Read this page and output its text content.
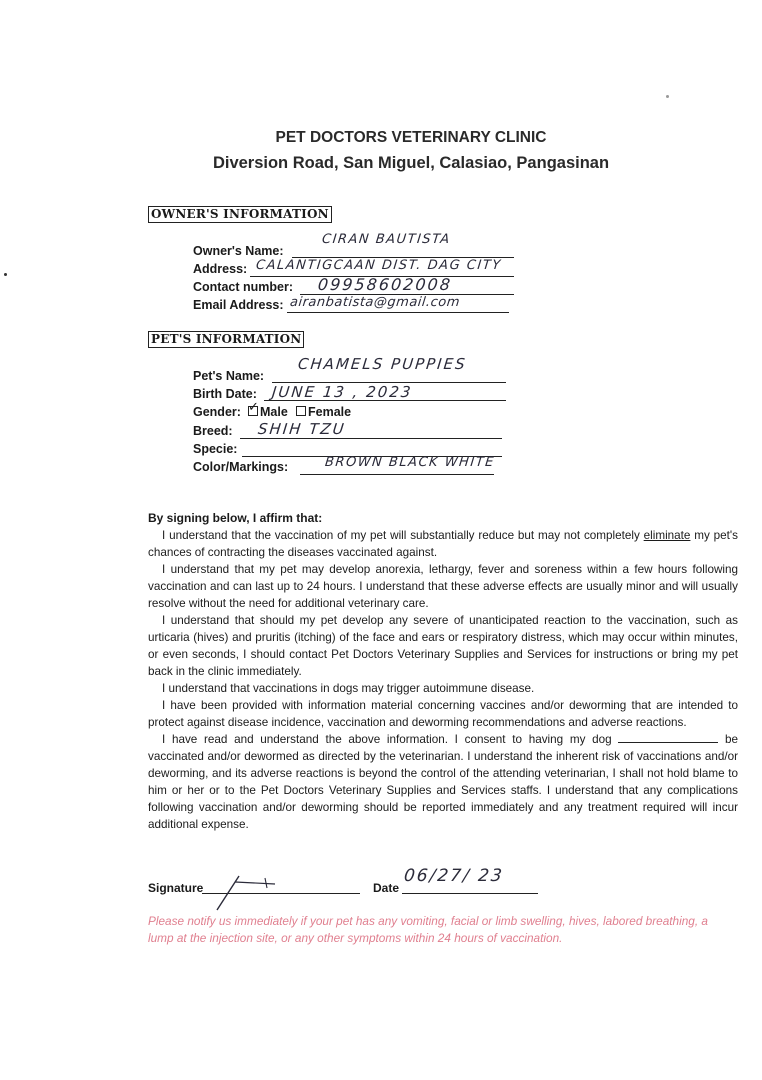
PET DOCTORS VETERINARY CLINIC
Diversion Road, San Miguel, Calasiao, Pangasinan
OWNER'S INFORMATION
Owner's Name:
CIRAN BAUTISTA
Address: CALANTIGCAAN DIST. DAG CITY
Contact number: 09958602008
Email Address: airanbatista@gmail.com
PET'S INFORMATION
Pet's Name:
CHAMELS PUPPIES
Birth Date: JUNE 13 , 2023
Gender: ✓ Male	Female
Breed: SHIH TZU
Specie:
Color/Markings:	BROWN BLACK WHITE
By signing below, I affirm that:

I understand that the vaccination of my pet will substantially reduce but may not completely eliminate my pet's chances of contracting the diseases vaccinated against.

I understand that my pet may develop anorexia, lethargy, fever and soreness within a few hours following vaccination and can last up to 24 hours. I understand that these adverse effects are usually minor and will usually resolve without the need for additional veterinary care.

I understand that should my pet develop any severe of unanticipated reaction to the vaccination, such as urticaria (hives) and pruritis (itching) of the face and ears or respiratory distress, which may occur within minutes, or even seconds, I should contact Pet Doctors Veterinary Supplies and Services for instructions or bring my pet back in the clinic immediately.

I understand that vaccinations in dogs may trigger autoimmune disease.

I have been provided with information material concerning vaccines and/or deworming that are intended to protect against disease incidence, vaccination and deworming recommendations and adverse reactions.

I have read and understand the above information. I consent to having my dog	be vaccinated and/or dewormed as directed by the veterinarian. I understand the inherent risk of vaccinations and/or deworming, and its adverse reactions is beyond the control of the attending veterinarian, I shall not hold blame to him or her or to the Pet Doctors Veterinary Supplies and Services staffs. I understand that any complications following vaccination and/or deworming should be reported immediately and any treatment required will incur additional expense.

Signature	Date
06/27/ 23
Please notify us immediately if your pet has any vomiting, facial or limb swelling, hives, labored breathing, a lump at the injection site, or any other symptoms within 24 hours of vaccination.
